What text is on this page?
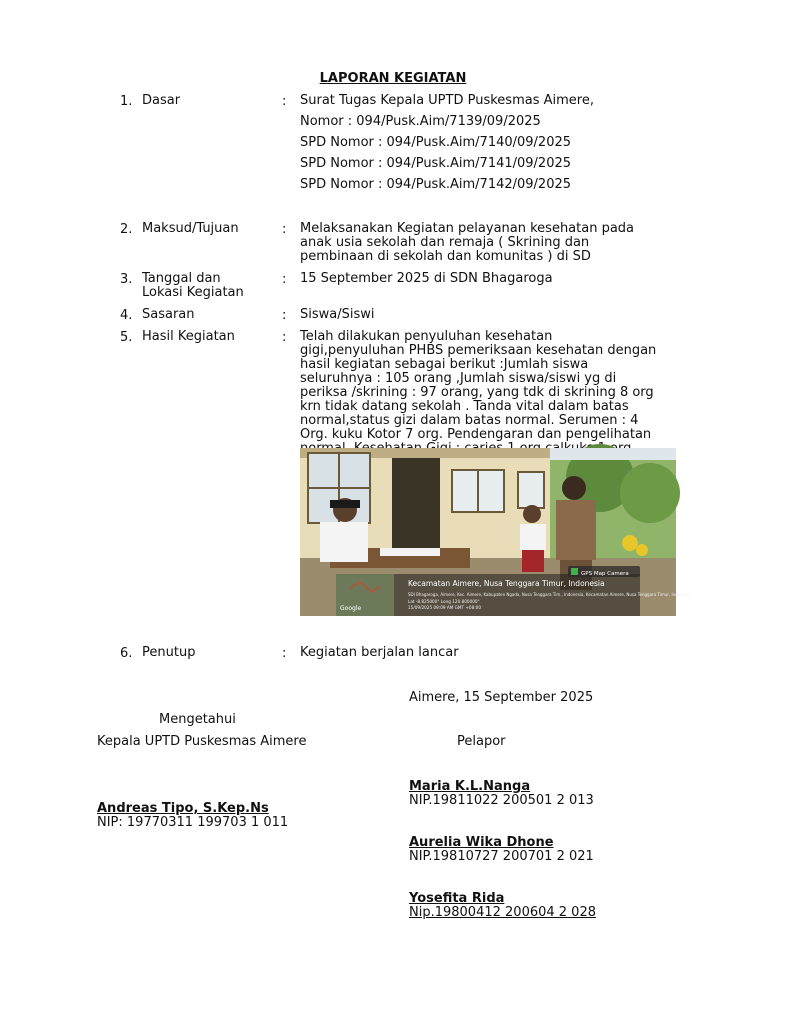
LAPORAN KEGIATAN
1. Dasar	: Surat Tugas Kepala UPTD Puskesmas Aimere,
Nomor : 094/Pusk.Aim/7139/09/2025
SPD Nomor : 094/Pusk.Aim/7140/09/2025
SPD Nomor : 094/Pusk.Aim/7141/09/2025
SPD Nomor : 094/Pusk.Aim/7142/09/2025
2. Maksud/Tujuan	: Melaksanakan Kegiatan pelayanan kesehatan pada
anak usia sekolah dan remaja ( Skrining dan
pembinaan di sekolah dan komunitas ) di SD
3. Tanggal dan
Lokasi Kegiatan
: 15 September 2025 di SDN Bhagaroga
4. Sasaran	: Siswa/Siswi
5. Hasil Kegiatan	: Telah dilakukan penyuluhan kesehatan
gigi,penyuluhan PHBS pemeriksaan kesehatan dengan
hasil kegiatan sebagai berikut :Jumlah siswa
seluruhnya : 105 orang ,Jumlah siswa/siswi yg di
periksa /skrining : 97 orang, yang tdk di skrining 8 org
krn tidak datang sekolah . Tanda vital dalam batas
normal,status gizi dalam batas normal. Serumen : 4
Org. kuku Kotor 7 org. Pendengaran dan pengelihatan
GPS Map Camera
Kecamatan Aimere, Nusa Tenggara Timur, Indonesia
SDI Bhagaroga, Aimere, Kec. Aimere, Kabupaten Ngada, Nusa Tenggara Tim., Indonesia, Kecamatan Aimere, Nusa Tenggara Timur, Indonesia
Lat -8.825000° Long 120.800000°
15/09/2025 09:09 AM GMT +08:00
Google
6. Penutup	: Kegiatan berjalan lancar
Aimere, 15 September 2025
Mengetahui
Kepala UPTD Puskesmas Aimere	Pelapor
Andreas Tipo, S.Kep.Ns
NIP: 19770311 199703 1 011
Maria K.L.Nanga
NIP.19811022 200501 2 013
Aurelia Wika Dhone
NIP.19810727 200701 2 021
Yosefita Rida
Nip.19800412 200604 2 028
